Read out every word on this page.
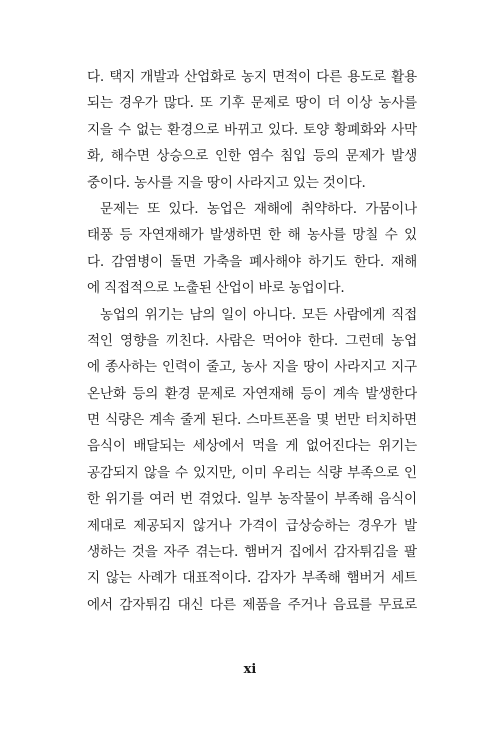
다. 택지 개발과 산업화로 농지 면적이 다른 용도로 활용
되는 경우가 많다. 또 기후 문제로 땅이 더 이상 농사를
지을 수 없는 환경으로 바뀌고 있다. 토양 황폐화와 사막
화, 해수면 상승으로 인한 염수 침입 등의 문제가 발생
중이다. 농사를 지을 땅이 사라지고 있는 것이다.
문제는 또 있다. 농업은 재해에 취약하다. 가뭄이나
태풍 등 자연재해가 발생하면 한 해 농사를 망칠 수 있
다. 감염병이 돌면 가축을 폐사해야 하기도 한다. 재해
에 직접적으로 노출된 산업이 바로 농업이다.
농업의 위기는 남의 일이 아니다. 모든 사람에게 직접
적인 영향을 끼친다. 사람은 먹어야 한다. 그런데 농업
에 종사하는 인력이 줄고, 농사 지을 땅이 사라지고 지구
온난화 등의 환경 문제로 자연재해 등이 계속 발생한다
면 식량은 계속 줄게 된다. 스마트폰을 몇 번만 터치하면
음식이 배달되는 세상에서 먹을 게 없어진다는 위기는
공감되지 않을 수 있지만, 이미 우리는 식량 부족으로 인
한 위기를 여러 번 겪었다. 일부 농작물이 부족해 음식이
제대로 제공되지 않거나 가격이 급상승하는 경우가 발
생하는 것을 자주 겪는다. 햄버거 집에서 감자튀김을 팔
지 않는 사례가 대표적이다. 감자가 부족해 햄버거 세트
에서 감자튀김 대신 다른 제품을 주거나 음료를 무료로
xi
